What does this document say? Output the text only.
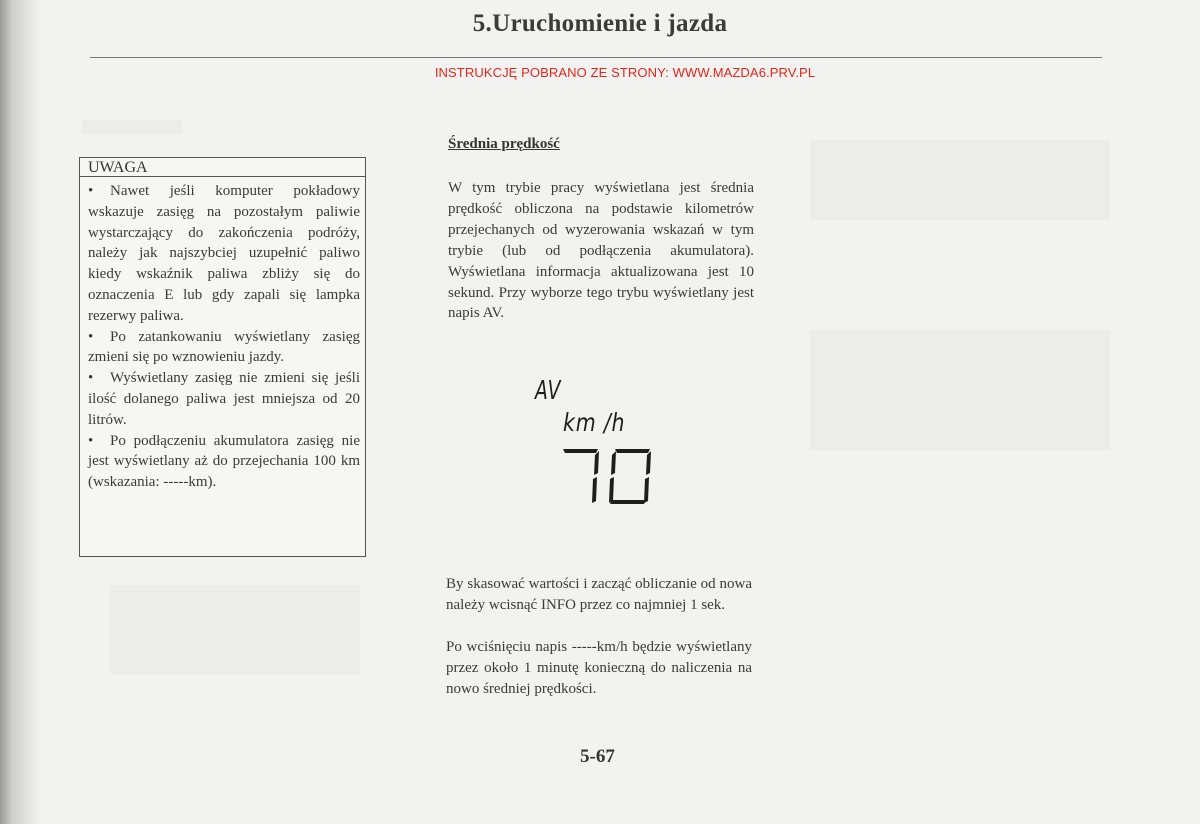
5.Uruchomienie i jazda
INSTRUKCJĘ POBRANO ZE STRONY: WWW.MAZDA6.PRV.PL
UWAGA
• Nawet jeśli komputer pokładowy wskazuje zasięg na pozostałym paliwie wystarczający do zakończenia podróży, należy jak najszybciej uzupełnić paliwo kiedy wskaźnik paliwa zbliży się do oznaczenia E lub gdy zapali się lampka rezerwy paliwa.
• Po zatankowaniu wyświetlany zasięg zmieni się po wznowieniu jazdy.
• Wyświetlany zasięg nie zmieni się jeśli ilość dolanego paliwa jest mniejsza od 20 litrów.
• Po podłączeniu akumulatora zasięg nie jest wyświetlany aż do przejechania 100 km (wskazania: -----km).
Średnia prędkość
W tym trybie pracy wyświetlana jest średnia prędkość obliczona na podstawie kilometrów przejechanych od wyzerowania wskazań w tym trybie (lub od podłączenia akumulatora). Wyświetlana informacja aktualizowana jest 10 sekund. Przy wyborze tego trybu wyświetlany jest napis AV.
AV
km /h
By skasować wartości i zacząć obliczanie od nowa należy wcisnąć INFO przez co najmniej 1 sek.
Po wciśnięciu napis -----km/h będzie wyświetlany przez około 1 minutę konieczną do naliczenia na nowo średniej prędkości.
5-67
